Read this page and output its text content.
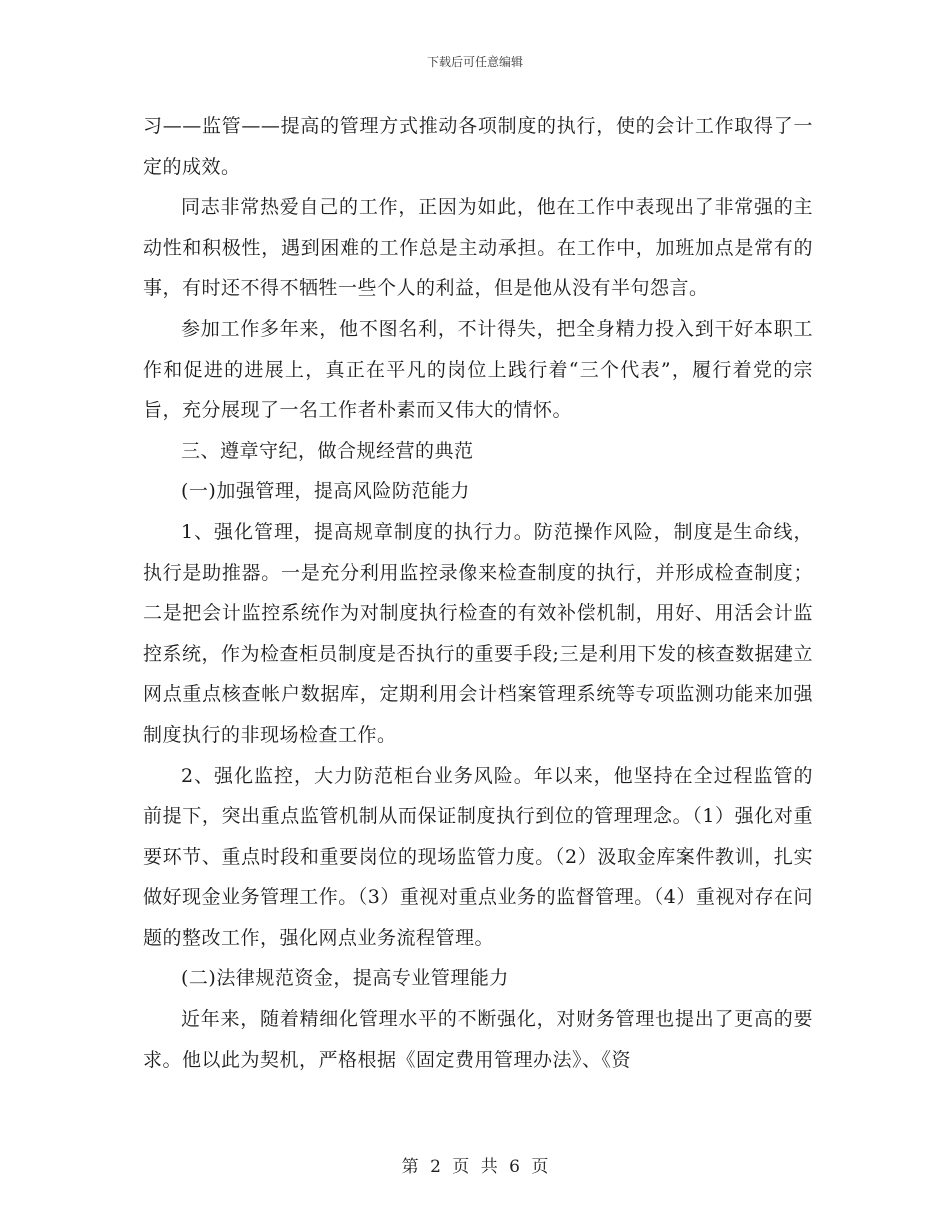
下载后可任意编辑

习——监管——提高的管理方式推动各项制度的执行，使的会计工作取得了一定的成效。

同志非常热爱自己的工作，正因为如此，他在工作中表现出了非常强的主动性和积极性，遇到困难的工作总是主动承担。在工作中，加班加点是常有的事，有时还不得不牺牲一些个人的利益，但是他从没有半句怨言。

参加工作多年来，他不图名利，不计得失，把全身精力投入到干好本职工作和促进的进展上，真正在平凡的岗位上践行着“三个代表”，履行着党的宗旨，充分展现了一名工作者朴素而又伟大的情怀。

三、遵章守纪，做合规经营的典范

(一)加强管理，提高风险防范能力

1、强化管理，提高规章制度的执行力。防范操作风险，制度是生命线，执行是助推器。一是充分利用监控录像来检查制度的执行，并形成检查制度；二是把会计监控系统作为对制度执行检查的有效补偿机制，用好、用活会计监控系统，作为检查柜员制度是否执行的重要手段;三是利用下发的核查数据建立网点重点核查帐户数据库，定期利用会计档案管理系统等专项监测功能来加强制度执行的非现场检查工作。

2、强化监控，大力防范柜台业务风险。年以来，他坚持在全过程监管的前提下，突出重点监管机制从而保证制度执行到位的管理理念。（1）强化对重要环节、重点时段和重要岗位的现场监管力度。（2）汲取金库案件教训，扎实做好现金业务管理工作。（3）重视对重点业务的监督管理。（4）重视对存在问题的整改工作，强化网点业务流程管理。

(二)法律规范资金，提高专业管理能力

近年来，随着精细化管理水平的不断强化，对财务管理也提出了更高的要求。他以此为契机，严格根据《固定费用管理办法》、《资

第 2 页 共 6 页
